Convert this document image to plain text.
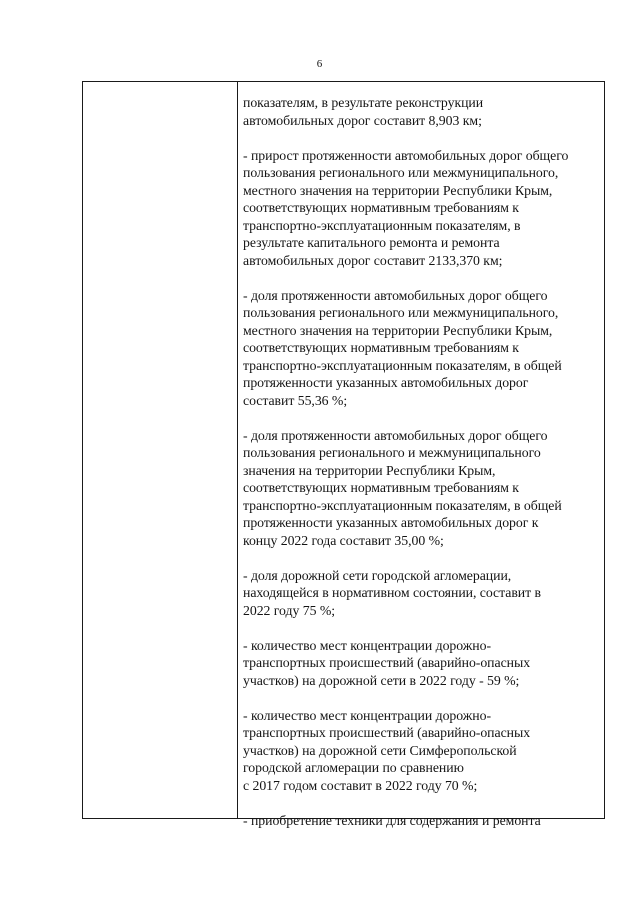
6

показателям, в результате реконструкции
автомобильных дорог составит 8,903 км;

- прирост протяженности автомобильных дорог общего
пользования регионального или межмуниципального,
местного значения на территории Республики Крым,
соответствующих нормативным требованиям к
транспортно-эксплуатационным показателям, в
результате капитального ремонта и ремонта
автомобильных дорог составит 2133,370 км;

- доля протяженности автомобильных дорог общего
пользования регионального или межмуниципального,
местного значения на территории Республики Крым,
соответствующих нормативным требованиям к
транспортно-эксплуатационным показателям, в общей
протяженности указанных автомобильных дорог
составит 55,36 %;

- доля протяженности автомобильных дорог общего
пользования регионального и межмуниципального
значения на территории Республики Крым,
соответствующих нормативным требованиям к
транспортно-эксплуатационным показателям, в общей
протяженности указанных автомобильных дорог к
концу 2022 года составит 35,00 %;

- доля дорожной сети городской агломерации,
находящейся в нормативном состоянии, составит в
2022 году 75 %;

- количество мест концентрации дорожно-
транспортных происшествий (аварийно-опасных
участков) на дорожной сети в 2022 году - 59 %;

- количество мест концентрации дорожно-
транспортных происшествий (аварийно-опасных
участков) на дорожной сети Симферопольской
городской агломерации по сравнению
с 2017 годом составит в 2022 году 70 %;

- приобретение техники для содержания и ремонта
